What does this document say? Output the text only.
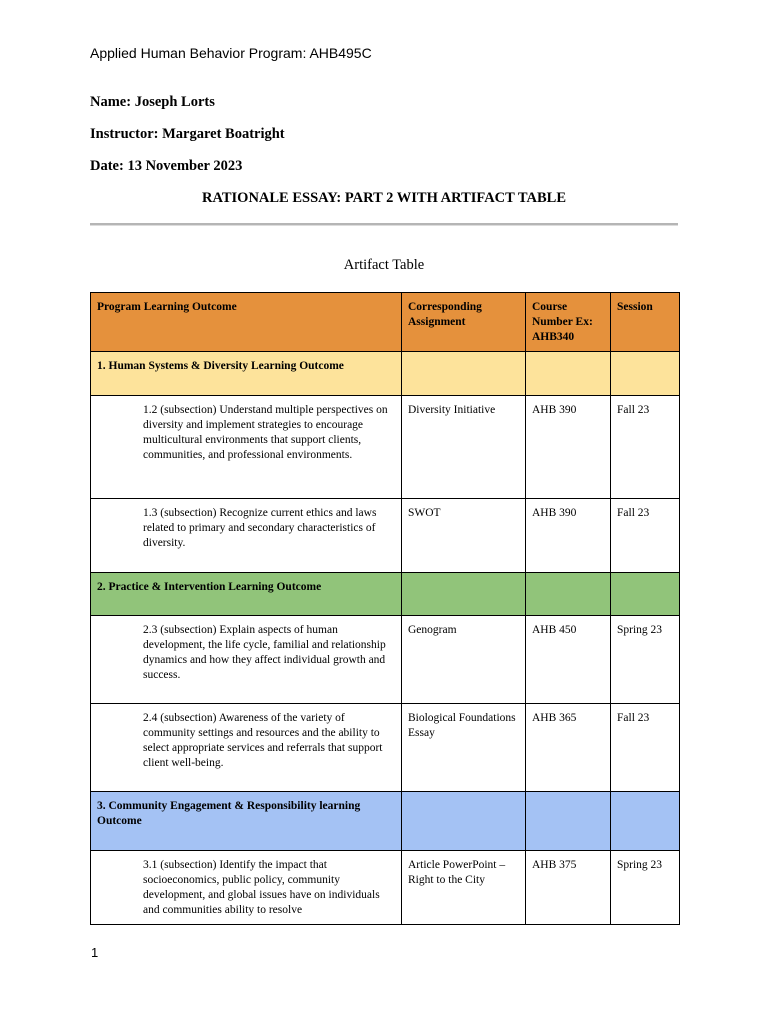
Applied Human Behavior Program: AHB495C
Name: Joseph Lorts
Instructor: Margaret Boatright
Date: 13 November 2023
RATIONALE ESSAY: PART 2 WITH ARTIFACT TABLE
Artifact Table
Program Learning Outcome	Corresponding Assignment	Course Number Ex: AHB340	Session
1. Human Systems & Diversity Learning Outcome			
1.2 (subsection) Understand multiple perspectives on diversity and implement strategies to encourage multicultural environments that support clients, communities, and professional environments.	Diversity Initiative	AHB 390	Fall 23
1.3 (subsection) Recognize current ethics and laws related to primary and secondary characteristics of diversity.	SWOT	AHB 390	Fall 23
2. Practice & Intervention Learning Outcome			
2.3 (subsection) Explain aspects of human development, the life cycle, familial and relationship dynamics and how they affect individual growth and success.	Genogram	AHB 450	Spring 23
2.4 (subsection) Awareness of the variety of community settings and resources and the ability to select appropriate services and referrals that support client well-being.	Biological Foundations Essay	AHB 365	Fall 23
3. Community Engagement & Responsibility learning Outcome			
3.1 (subsection) Identify the impact that socioeconomics, public policy, community development, and global issues have on individuals and communities ability to resolve	Article PowerPoint – Right to the City	AHB 375	Spring 23
1
